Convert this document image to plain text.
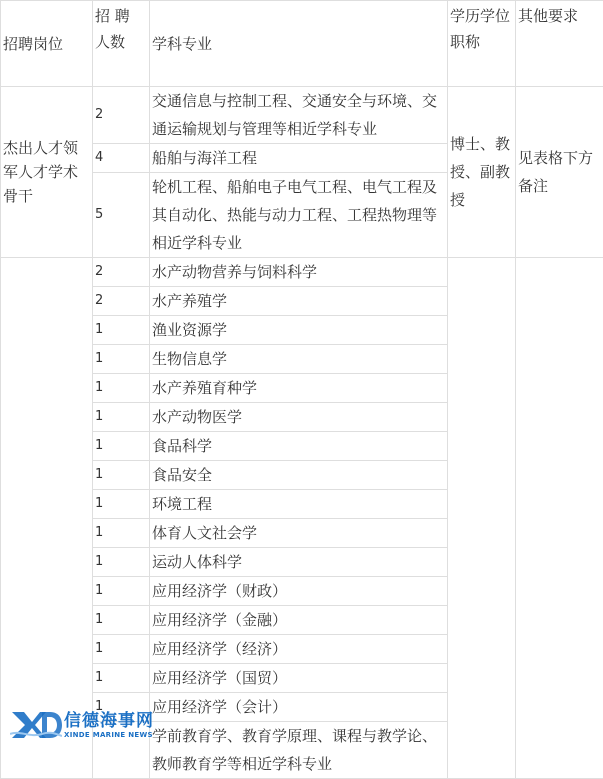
招聘岗位	招 聘 人数	学科专业	学历学位职称	其他要求
杰出人才领军人才学术骨干	2	交通信息与控制工程、交通安全与环境、交通运输规划与管理等相近学科专业	博士、教授、副教授	见表格下方备注
	4	船舶与海洋工程		
	5	轮机工程、船舶电子电气工程、电气工程及其自动化、热能与动力工程、工程热物理等相近学科专业		
	2	水产动物营养与饲料科学		
	2	水产养殖学		
	1	渔业资源学		
	1	生物信息学		
	1	水产养殖育种学		
	1	水产动物医学		
	1	食品科学		
	1	食品安全		
	1	环境工程		
	1	体育人文社会学		
	1	运动人体科学		
	1	应用经济学（财政）		
	1	应用经济学（金融）		
	1	应用经济学（经济）		
	1	应用经济学（国贸）		
	1	应用经济学（会计）		
		学前教育学、教育学原理、课程与教学论、教师教育学等相近学科专业		
信德海事网
XINDE MARINE NEWS
